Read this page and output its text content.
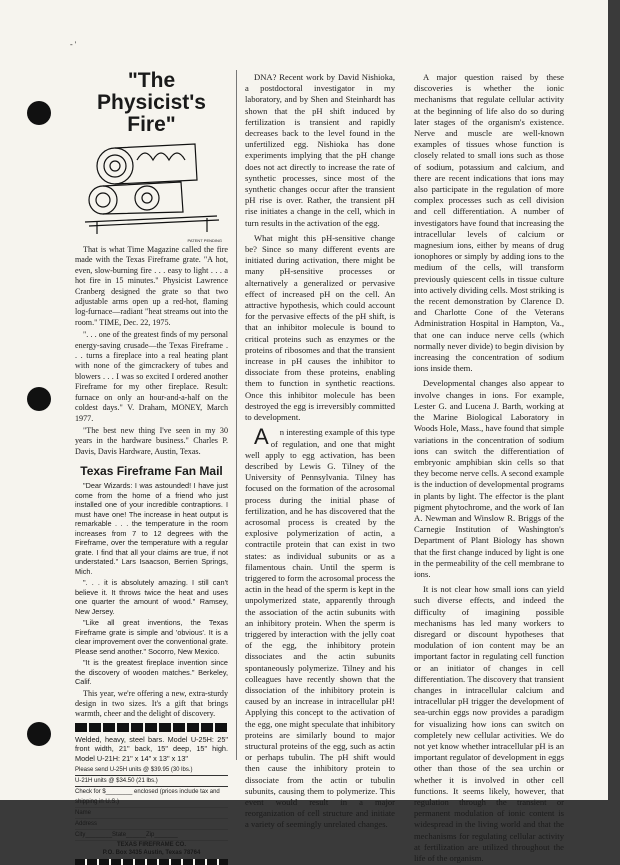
- '
"The Physicist's
Fire"
PATENT PENDING

That is what Time Magazine called the fire made with the Texas Fireframe grate. "A hot, even, slow-burning fire . . . easy to light . . . a hot fire in 15 minutes." Physicist Lawrence Cranberg designed the grate so that two adjustable arms open up a red-hot, flaming log-furnace—radiant "heat streams out into the room." TIME, Dec. 22, 1975.

". . . one of the greatest finds of my personal energy-saving crusade—the Texas Fireframe . . . turns a fireplace into a real heating plant with none of the gimcrackery of tubes and blowers . . . I was so excited I ordered another Fireframe for my other fireplace. Result: furnace on only an hour-and-a-half on the coldest days." V. Draham, MONEY, March 1977.

"The best new thing I've seen in my 30 years in the hardware business." Charles P. Davis, Davis Hardware, Austin, Texas.

Texas Fireframe Fan Mail

"Dear Wizards: I was astounded! I have just come from the home of a friend who just installed one of your incredible contraptions. I must have one! The increase in heat output is remarkable . . . the temperature in the room increases from 7 to 12 degrees with the Fireframe, over the temperature with a regular grate. I find that all your claims are true, if not understated." Lars Isaacson, Berrien Springs, Mich.

". . . it is absolutely amazing. I still can't believe it. It throws twice the heat and uses one quarter the amount of wood." Ramsey, New Jersey.

"Like all great inventions, the Texas Fireframe grate is simple and 'obvious'. It is a clear improvement over the conventional grate. Please send another." Socorro, New Mexico.

"It is the greatest fireplace invention since the discovery of wooden matches." Berkeley, Calif.

This year, we're offering a new, extra-sturdy design in two sizes. It's a gift that brings warmth, cheer and the delight of discovery.

Welded, heavy, steel bars. Model U-25H: 25" front width, 21" back, 15" deep, 15" high. Model U-21H: 21" x 14" x 13" x 13"
Please send U-25H units @ $39.95 (30 lbs.)
U-21H units @ $34.50 (21 lbs.)
Check for $________ enclosed (prices include tax and shipping in U.S.)
Name
Address
City________State______Zip_______
TEXAS FIREFRAME CO.
P.O. Box 3435 Austin, Texas 78764

DNA? Recent work by David Nishioka, a postdoctoral investigator in my laboratory, and by Shen and Steinhardt has shown that the pH shift induced by fertilization is transient and rapidly decreases back to the level found in the unfertilized egg. Nishioka has done experiments implying that the pH change does not act directly to increase the rate of synthetic processes, since most of the synthetic changes occur after the transient pH rise is over. Rather, the transient pH rise initiates a change in the cell, which in turn results in the activation of the egg.

What might this pH-sensitive change be? Since so many different events are initiated during activation, there might be many pH-sensitive processes or alternatively a generalized or pervasive effect of increased pH on the cell. An attractive hypothesis, which could account for the pervasive effects of the pH shift, is that an inhibitor molecule is bound to critical proteins such as enzymes or the proteins of ribosomes and that the transient increase in pH causes the inhibitor to dissociate from these proteins, enabling them to function in synthetic reactions. Once this inhibitor molecule has been destroyed the egg is irreversibly committed to development.

An interesting example of this type of regulation, and one that might well apply to egg activation, has been described by Lewis G. Tilney of the University of Pennsylvania. Tilney has focused on the formation of the acrosomal process during the initial phase of fertilization, and he has discovered that the acrosomal process is created by the explosive polymerization of actin, a contractile protein that can exist in two states: as individual subunits or as a filamentous chain. Until the sperm is triggered to form the acrosomal process the actin in the head of the sperm is kept in the unpolymerized state, apparently through the association of the actin subunits with an inhibitory protein. When the sperm is triggered by interaction with the jelly coat of the egg, the inhibitory protein dissociates and the actin subunits spontaneously polymerize. Tilney and his colleagues have recently shown that the dissociation of the inhibitory protein is caused by an increase in intracellular pH! Applying this concept to the activation of the egg, one might speculate that inhibitory proteins are similarly bound to major structural proteins of the egg, such as actin or perhaps tubulin. The pH shift would then cause the inhibitory protein to dissociate from the actin or tubulin subunits, causing them to polymerize. This event would result in a major reorganization of cell structure and initiate a variety of seemingly unrelated changes.

A major question raised by these discoveries is whether the ionic mechanisms that regulate cellular activity at the beginning of life also do so during later stages of the organism's existence. Nerve and muscle are well-known examples of tissues whose function is closely related to small ions such as those of sodium, potassium and calcium, and there are recent indications that ions may also participate in the regulation of more complex processes such as cell division and cell differentiation. A number of investigators have found that increasing the intracellular levels of calcium or magnesium ions, either by means of drug ionophores or simply by adding ions to the medium of the cells, will transform previously quiescent cells in tissue culture into actively dividing cells. Most striking is the recent demonstration by Clarence D. and Charlotte Cone of the Veterans Administration Hospital in Hampton, Va., that one can induce nerve cells (which normally never divide) to begin division by increasing the concentration of sodium ions inside them.

Developmental changes also appear to involve changes in ions. For example, Lester G. and Lucena J. Barth, working at the Marine Biological Laboratory in Woods Hole, Mass., have found that simple variations in the concentration of sodium ions can switch the differentiation of embryonic amphibian skin cells so that they become nerve cells. A second example is the induction of developmental programs in plants by light. The effector is the plant pigment phytochrome, and the work of Ian A. Newman and Winslow R. Briggs of the Carnegie Institution of Washington's Department of Plant Biology has shown that the first change induced by light is one in the permeability of the cell membrane to ions.

It is not clear how small ions can yield such diverse effects, and indeed the difficulty of imagining possible mechanisms has led many workers to disregard or discount hypotheses that modulation of ion content may be an important factor in regulating cell function or an initiator of changes in cell differentiation. The discovery that transient changes in intracellular calcium and intracellular pH trigger the development of sea-urchin eggs now provides a paradigm for visualizing how ions can switch on completely new cellular activities. We do not yet know whether intracellular pH is an important regulator of development in eggs other than those of the sea urchin or whether it is involved in other cell functions. It seems likely, however, that regulation through the transient or permanent modulation of ionic content is widespread in the living world and that the mechanisms for regulating cellular activity at fertilization are utilized throughout the life of the organism.
